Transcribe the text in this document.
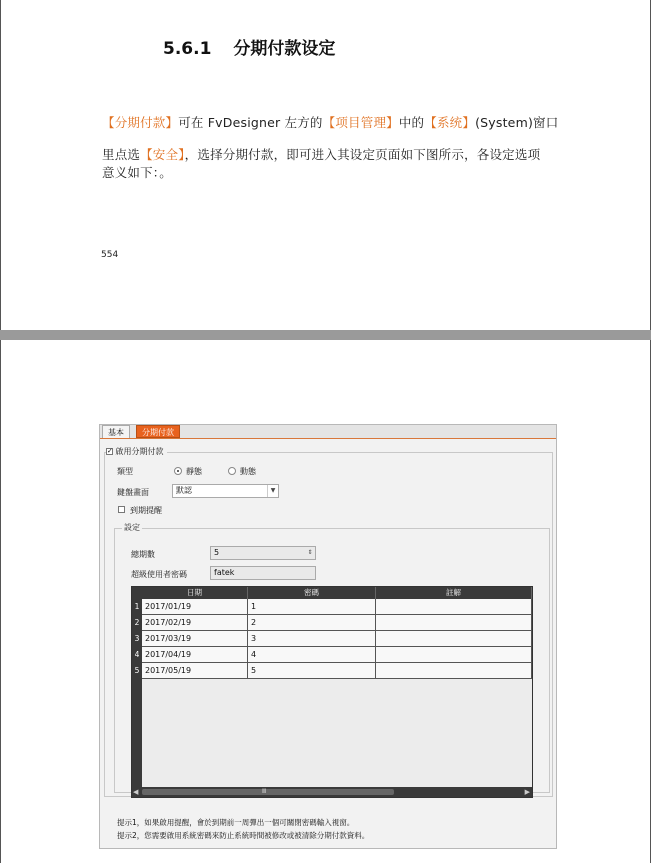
5.6.1 分期付款设定
【分期付款】可在 FvDesigner 左方的【项目管理】中的【系统】(System)窗口
里点选【安全】，选择分期付款，即可进入其设定页面如下图所示，各设定选项
意义如下：。
554
基本	分期付款
✓ 啟用分期付款
類型	靜態	動態
鍵盤畫面	默認	▼
到期提醒
設定
總期數	5	⇕
超級使用者密碼	fatek
日期	密碼	註解
1 2017/01/19	1
2 2017/02/19	2
3 2017/03/19	3
4 2017/04/19	4
5 2017/05/19	5
◀	Ⅲ	▶
提示1，如果啟用提醒，會於到期前一周彈出一個可關閉密碼輸入視窗。
提示2，您需要啟用系統密碼來防止系統時間被修改或被清除分期付款資料。
